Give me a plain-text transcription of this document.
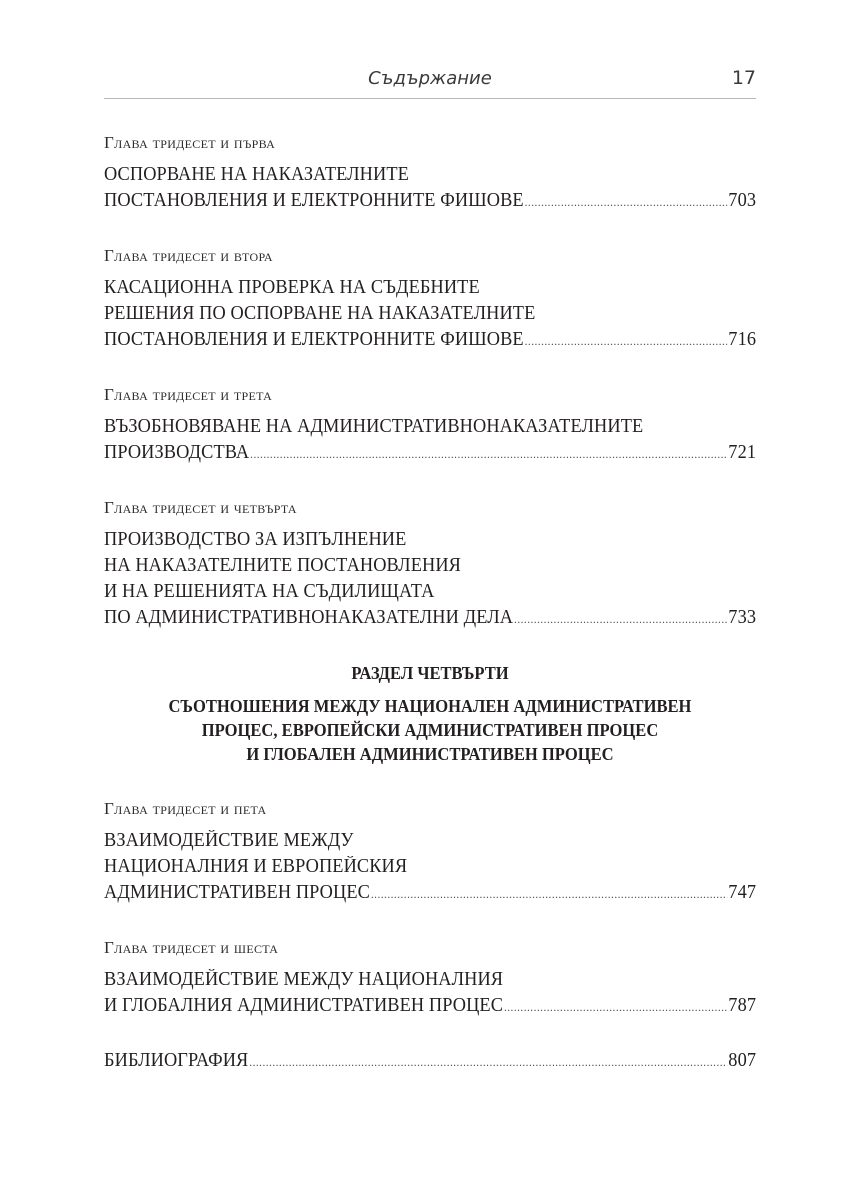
Съдържание	17
Глава тридесет и първа
ОСПОРВАНЕ НА НАКАЗАТЕЛНИТЕ
ПОСТАНОВЛЕНИЯ И ЕЛЕКТРОННИТЕ ФИШОВЕ .....	703
Глава тридесет и втора
КАСАЦИОННА ПРОВЕРКА НА СЪДЕБНИТЕ
РЕШЕНИЯ ПО ОСПОРВАНЕ НА НАКАЗАТЕЛНИТЕ
ПОСТАНОВЛЕНИЯ И ЕЛЕКТРОННИТЕ ФИШОВЕ .....	716
Глава тридесет и трета
ВЪЗОБНОВЯВАНЕ НА АДМИНИСТРАТИВНОНАКАЗАТЕЛНИТЕ
ПРОИЗВОДСТВА .....	721
Глава тридесет и четвърта
ПРОИЗВОДСТВО ЗА ИЗПЪЛНЕНИЕ
НА НАКАЗАТЕЛНИТЕ ПОСТАНОВЛЕНИЯ
И НА РЕШЕНИЯТА НА СЪДИЛИЩАТА
ПО АДМИНИСТРАТИВНОНАКАЗАТЕЛНИ ДЕЛА .....	733
РАЗДЕЛ ЧЕТВЪРТИ
СЪОТНОШЕНИЯ МЕЖДУ НАЦИОНАЛЕН АДМИНИСТРАТИВЕН
ПРОЦЕС, ЕВРОПЕЙСКИ АДМИНИСТРАТИВЕН ПРОЦЕС
И ГЛОБАЛЕН АДМИНИСТРАТИВЕН ПРОЦЕС
Глава тридесет и пета
ВЗАИМОДЕЙСТВИЕ МЕЖДУ
НАЦИОНАЛНИЯ И ЕВРОПЕЙСКИЯ
АДМИНИСТРАТИВЕН ПРОЦЕС .....	747
Глава тридесет и шеста
ВЗАИМОДЕЙСТВИЕ МЕЖДУ НАЦИОНАЛНИЯ
И ГЛОБАЛНИЯ АДМИНИСТРАТИВЕН ПРОЦЕС .....	787
БИБЛИОГРАФИЯ .....	807
